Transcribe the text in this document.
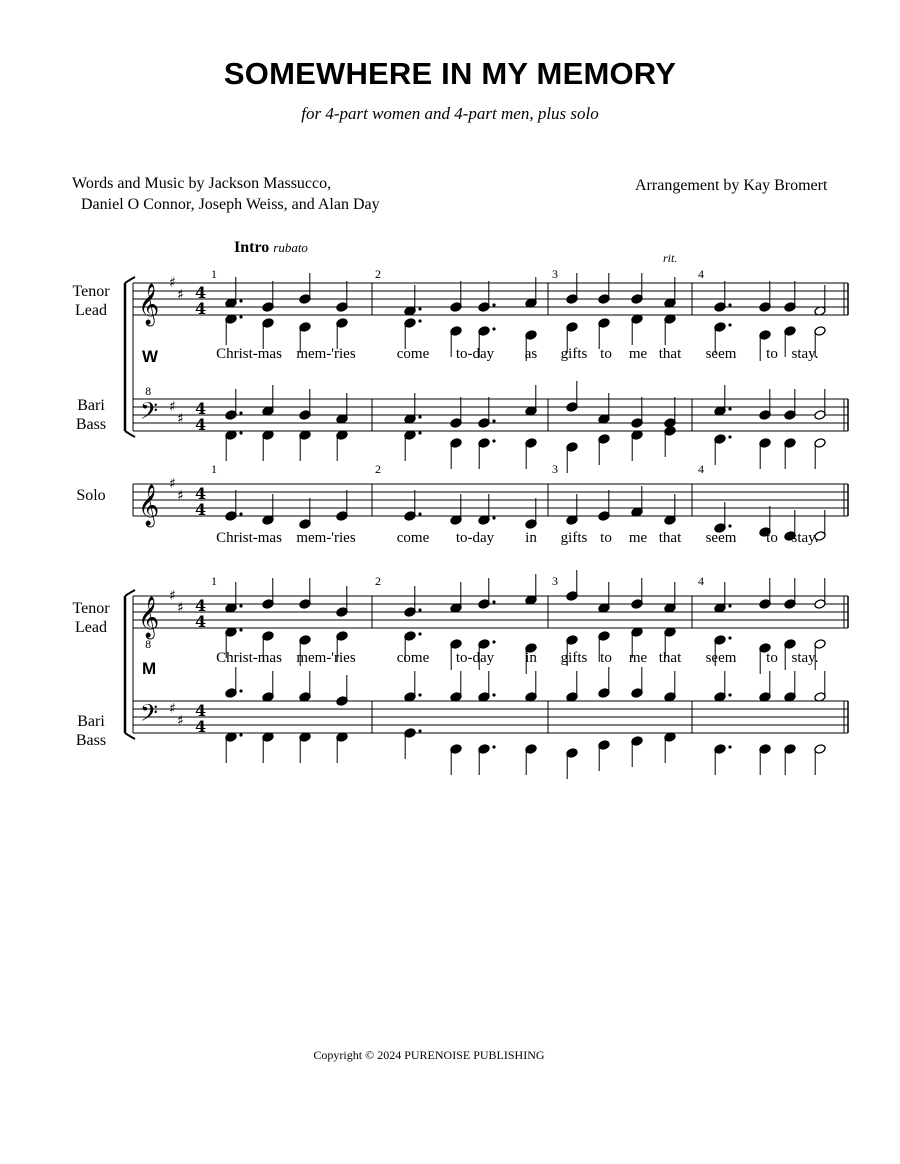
SOMEWHERE IN MY MEMORY
for 4-part women and 4-part men, plus solo
Words and Music by Jackson Massucco,
Daniel O Connor, Joseph Weiss, and Alan Day
Arrangement by Kay Bromert
Intro rubato
rit.
𝄞
♯
♯ 4
4
𝄢 ♯
♯
8
4
4
𝄞
♯
♯ 4
4
𝄞
♯
♯
8
4
4
𝄢 ♯
♯
4
4
Tenor
Lead
Bari
Bass
Solo
Tenor
Lead
Bari
Bass
W
M
1	2	3	4
1	2	3	4
1	2	3	4
Christ-mas mem-'ries	come to-day as gifts to me that seem to stay.
Christ-mas mem-'ries	come to-day in gifts to me that seem to stay.
Christ-mas mem-'ries	come to-day in gifts to me that seem to stay.
Copyright © 2024 PURENOISE PUBLISHING
